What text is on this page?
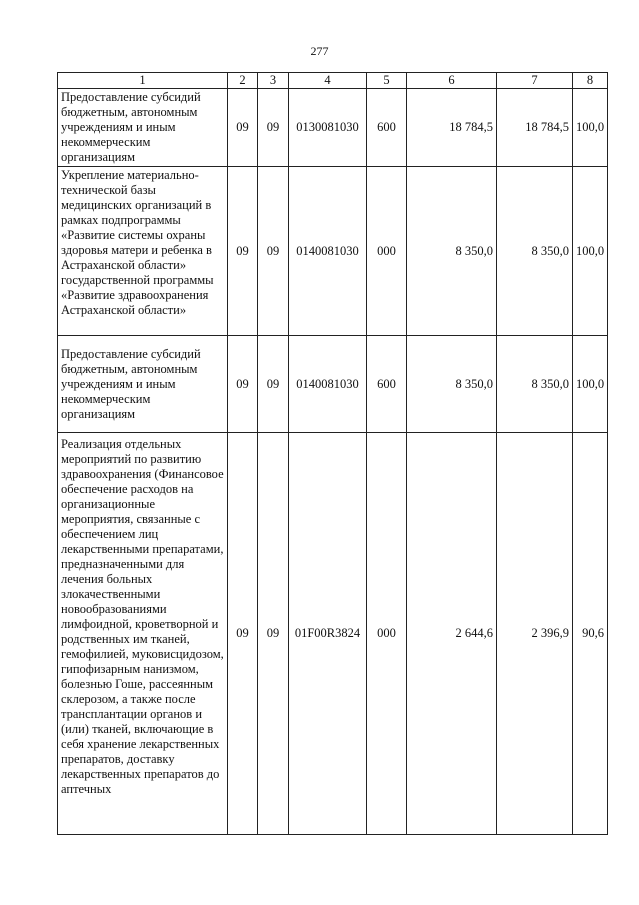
277
1	2	3	4	5	6	7	8
Предоставление субсидий бюджетным, автономным учреждениям и иным некоммерческим организациям	09	09	0130081030	600	18 784,5	18 784,5	100,0
Укрепление материально-технической базы медицинских организаций в рамках подпрограммы «Развитие системы охраны здоровья матери и ребенка в Астраханской области» государственной программы «Развитие здравоохранения Астраханской области»	09	09	0140081030	000	8 350,0	8 350,0	100,0
Предоставление субсидий бюджетным, автономным учреждениям и иным некоммерческим организациям	09	09	0140081030	600	8 350,0	8 350,0	100,0
Реализация отдельных мероприятий по развитию здравоохранения (Финансовое обеспечение расходов на организационные мероприятия, связанные с обеспечением лиц лекарственными препаратами, предназначенными для лечения больных злокачественными новообразованиями лимфоидной, кроветворной и родственных им тканей, гемофилией, муковисцидозом, гипофизарным нанизмом, болезнью Гоше, рассеянным склерозом, а также после трансплантации органов и (или) тканей, включающие в себя хранение лекарственных препаратов, доставку лекарственных препаратов до аптечных	09	09	01F00R3824	000	2 644,6	2 396,9	90,6
